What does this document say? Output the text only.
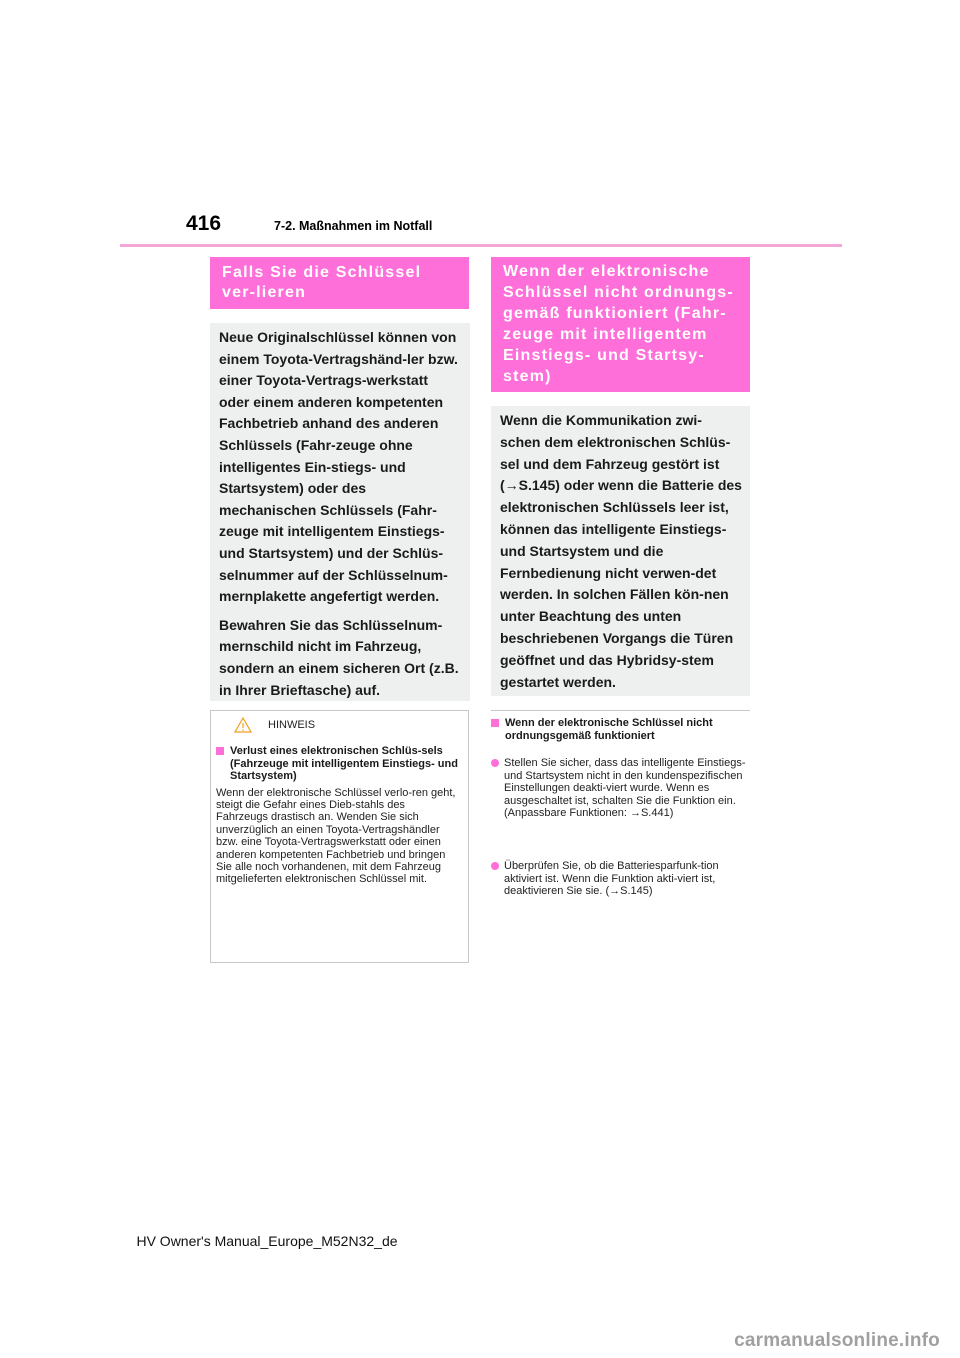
416	7-2. Maßnahmen im Notfall
Falls Sie die Schlüssel ver-lieren

Neue Originalschlüssel können von einem Toyota-Vertragshänd-ler bzw. einer Toyota-Vertrags-werkstatt oder einem anderen kompetenten Fachbetrieb anhand des anderen Schlüssels (Fahr-zeuge ohne intelligentes Ein-stiegs- und Startsystem) oder des mechanischen Schlüssels (Fahr-zeuge mit intelligentem Einstiegs- und Startsystem) und der Schlüs-selnummer auf der Schlüsselnum-mernplakette angefertigt werden.

Bewahren Sie das Schlüsselnum-mernschild nicht im Fahrzeug, sondern an einem sicheren Ort (z.B. in Ihrer Brieftasche) auf.

HINWEIS
Verlust eines elektronischen Schlüs-sels (Fahrzeuge mit intelligentem Einstiegs- und Startsystem)

Wenn der elektronische Schlüssel verlo-ren geht, steigt die Gefahr eines Dieb-stahls des Fahrzeugs drastisch an. Wenden Sie sich unverzüglich an einen Toyota-Vertragshändler bzw. eine Toyota-Vertragswerkstatt oder einen anderen kompetenten Fachbetrieb und bringen Sie alle noch vorhandenen, mit dem Fahrzeug mitgelieferten elektronischen Schlüssel mit.

Wenn der elektronische Schlüssel nicht ordnungs-gemäß funktioniert (Fahr-zeuge mit intelligentem Einstiegs- und Startsy-stem)

Wenn die Kommunikation zwi-schen dem elektronischen Schlüs-sel und dem Fahrzeug gestört ist (→S.145) oder wenn die Batterie des elektronischen Schlüssels leer ist, können das intelligente Einstiegs- und Startsystem und die Fernbedienung nicht verwen-det werden. In solchen Fällen kön-nen unter Beachtung des unten beschriebenen Vorgangs die Türen geöffnet und das Hybridsy-stem gestartet werden.

Wenn der elektronische Schlüssel nicht ordnungsgemäß funktioniert
Stellen Sie sicher, dass das intelligente Einstiegs- und Startsystem nicht in den kundenspezifischen Einstellungen deakti-viert wurde. Wenn es ausgeschaltet ist, schalten Sie die Funktion ein. (Anpassbare Funktionen: →S.441)
Überprüfen Sie, ob die Batteriesparfunk-tion aktiviert ist. Wenn die Funktion akti-viert ist, deaktivieren Sie sie. (→S.145)
HV Owner's Manual_Europe_M52N32_de
carmanualsonline.info
